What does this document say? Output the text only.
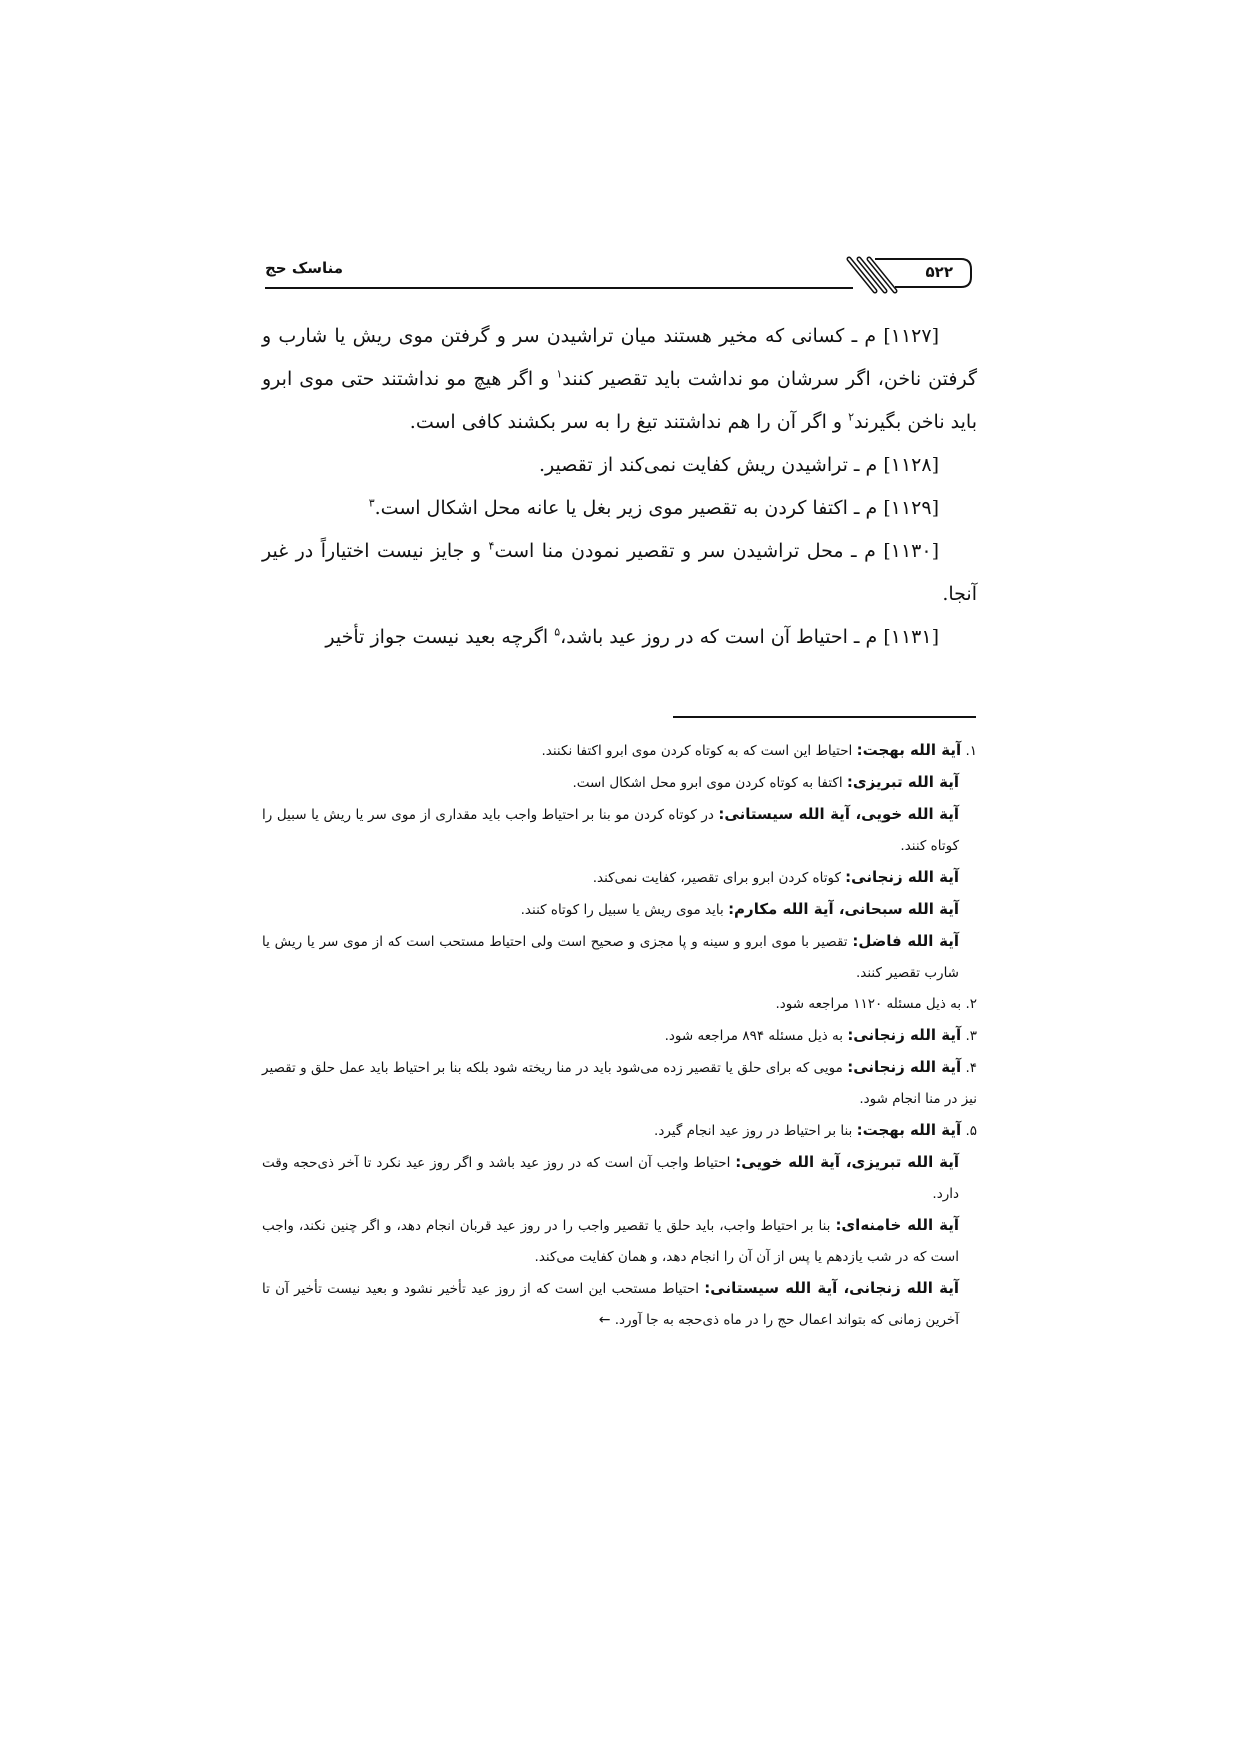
مناسک حج	۵۲۲

[۱۱۲۷] م ـ کسانی که مخیر هستند میان تراشیدن سر و گرفتن موی ریش یا شارب و گرفتن ناخن، اگر سرشان مو نداشت باید تقصیر کنند$^۱$ و اگر هیچ مو نداشتند حتی موی ابرو باید ناخن بگیرند$^۲$ و اگر آن را هم نداشتند تیغ را به سر بکشند کافی است.

[۱۱۲۸] م ـ تراشیدن ریش کفایت نمی‌کند از تقصیر.

[۱۱۲۹] م ـ اکتفا کردن به تقصیر موی زیر بغل یا عانه محل اشکال است.$^۳$

[۱۱۳۰] م ـ محل تراشیدن سر و تقصیر نمودن منا است$^۴$ و جایز نیست اختیاراً در غیر آنجا.

[۱۱۳۱] م ـ احتیاط آن است که در روز عید باشد،$^۵$ اگرچه بعید نیست جواز تأخیر

۱. آیة الله بهجت: احتیاط این است که به کوتاه کردن موی ابرو اکتفا نکنند.

آیة الله تبریزی: اکتفا به کوتاه کردن موی ابرو محل اشکال است.

آیة الله خویی، آیة الله سیستانی: در کوتاه کردن مو بنا بر احتیاط واجب باید مقداری از موی سر یا ریش یا سبیل را کوتاه کنند.

آیة الله زنجانی: کوتاه کردن ابرو برای تقصیر، کفایت نمی‌کند.

آیة الله سبحانی، آیة الله مکارم: باید موی ریش یا سبیل را کوتاه کنند.

آیة الله فاضل: تقصیر با موی ابرو و سینه و پا مجزی و صحیح است ولی احتیاط مستحب است که از موی سر یا ریش یا شارب تقصیر کنند.

۲. به ذیل مسئله ۱۱۲۰ مراجعه شود.

۳. آیة الله زنجانی: به ذیل مسئله ۸۹۴ مراجعه شود.

۴. آیة الله زنجانی: مویی که برای حلق یا تقصیر زده می‌شود باید در منا ریخته شود بلکه بنا بر احتیاط باید عمل حلق و تقصیر نیز در منا انجام شود.

۵. آیة الله بهجت: بنا بر احتیاط در روز عید انجام گیرد.

آیة الله تبریزی، آیة الله خویی: احتیاط واجب آن است که در روز عید باشد و اگر روز عید نکرد تا آخر ذی‌حجه وقت دارد.

آیة الله خامنه‌ای: بنا بر احتیاط واجب، باید حلق یا تقصیر واجب را در روز عید قربان انجام دهد، و اگر چنین نکند، واجب است که در شب یازدهم یا پس از آن آن را انجام دهد، و همان کفایت می‌کند.

آیة الله زنجانی، آیة الله سیستانی: احتیاط مستحب این است که از روز عید تأخیر نشود و بعید نیست تأخیر آن تا آخرین زمانی که بتواند اعمال حج را در ماه ذی‌حجه به جا آورد. ←
